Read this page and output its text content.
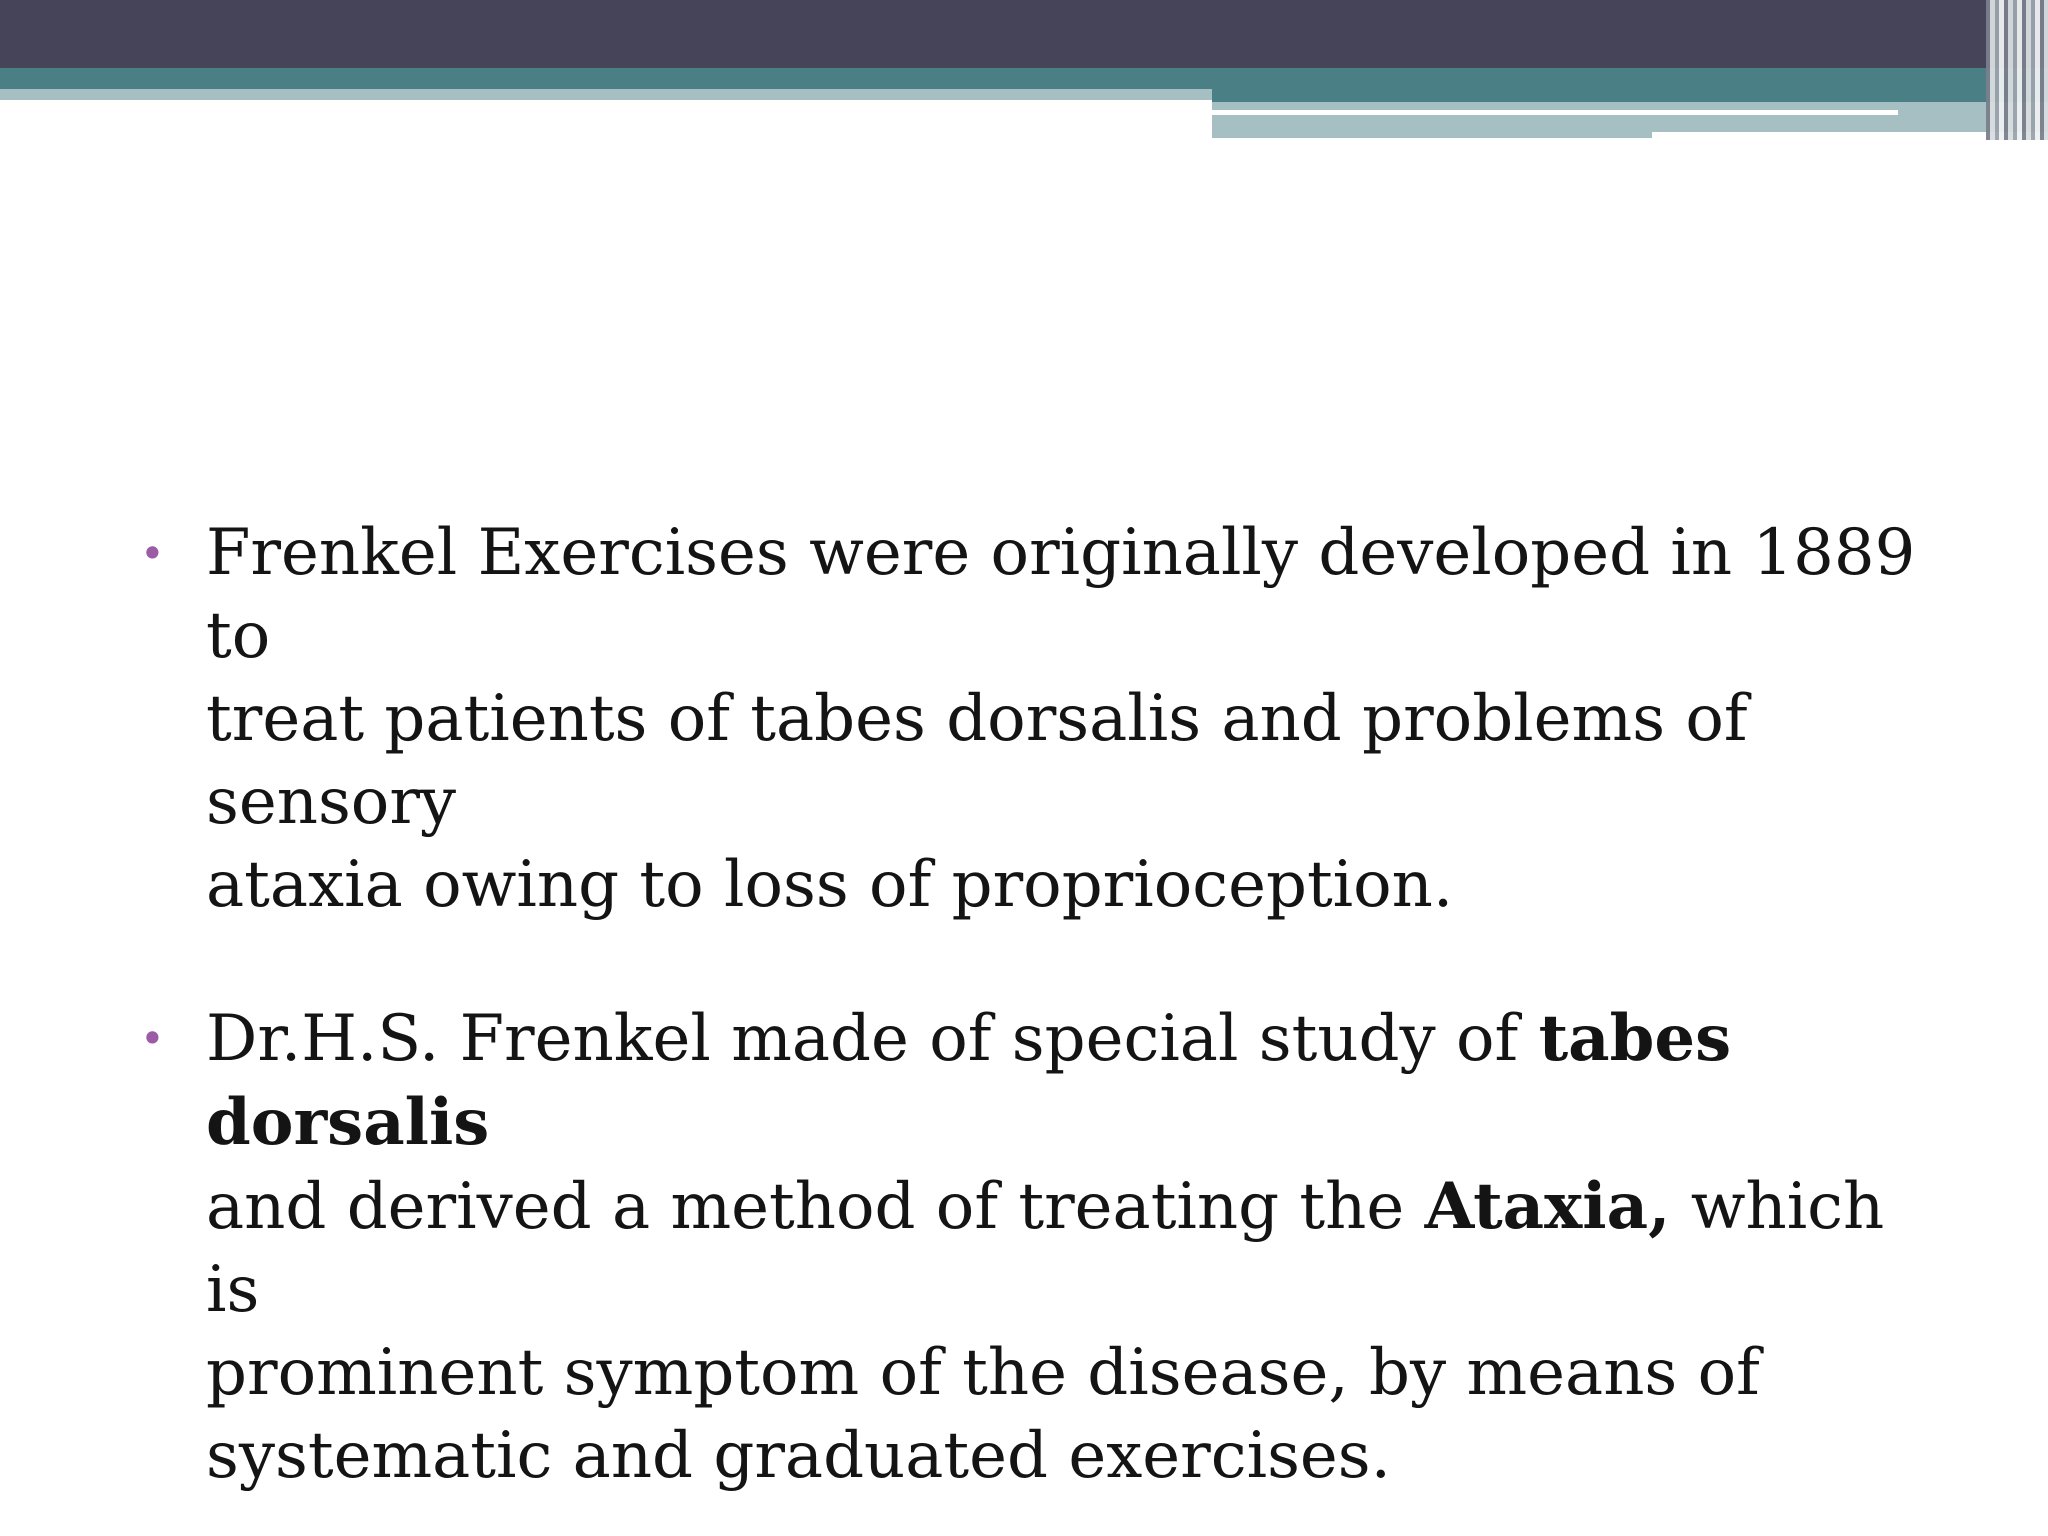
• Frenkel Exercises were originally developed in 1889 to
treat patients of tabes dorsalis and problems of sensory
ataxia owing to loss of proprioception.
• Dr.H.S. Frenkel made of special study of tabes dorsalis
and derived a method of treating the Ataxia, which is
prominent symptom of the disease, by means of
systematic and graduated exercises.
